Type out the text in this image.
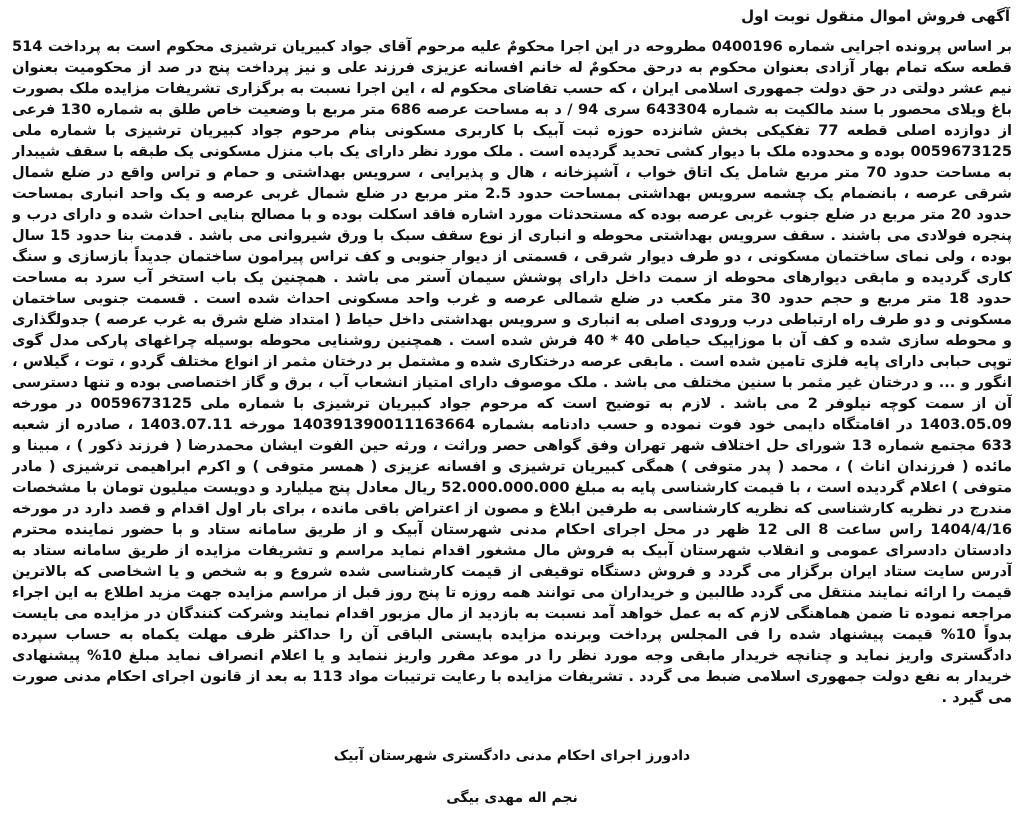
آگهی فروش اموال منقول نوبت اول

بر اساس پرونده اجرایی شماره 0400196 مطروحه در این اجرا محکومٌ علیه مرحوم آقای جواد کبیریان ترشیزی محکوم است به پرداخت 514 قطعه سکه تمام بهار آزادی بعنوان محکوم به درحق محکومٌ له خانم افسانه عزیزی فرزند علی و نیز پرداخت پنج در صد از محکومیت بعنوان نیم عشر دولتی در حق دولت جمهوری اسلامی ایران ، که حسب تقاضای محکوم له ، این اجرا نسبت به برگزاری تشریفات مزایده ملک بصورت باغ ویلای محصور با سند مالکیت به شماره 643304 سری 94 / د به مساحت عرصه 686 متر مربع با وضعیت خاص طلق به شماره 130 فرعی از دوازده اصلی قطعه 77 تفکیکی بخش شانزده حوزه ثبت آبیک با کاربری مسکونی بنام مرحوم جواد کبیریان ترشیزی با شماره ملی 0059673125 بوده و محدوده ملک با دیوار کشی تحدید گردیده است . ملک مورد نظر دارای یک باب منزل مسکونی یک طبقه با سقف شیبدار به مساحت حدود 70 متر مربع شامل یک اتاق خواب ، آشپزخانه ، هال و پذیرایی ، سرویس بهداشتی و حمام و تراس واقع در ضلع شمال شرقی عرصه ، بانضمام یک چشمه سرویس بهداشتی بمساحت حدود 2.5 متر مربع در ضلع شمال غربی عرصه و یک واحد انباری بمساحت حدود 20 متر مربع در ضلع جنوب غربی عرصه بوده که مستحدثات مورد اشاره فاقد اسکلت بوده و با مصالح بنایی احداث شده و دارای درب و پنجره فولادی می باشند . سقف سرویس بهداشتی محوطه و انباری از نوع سقف سبک با ورق شیروانی می باشد . قدمت بنا حدود 15 سال بوده ، ولی نمای ساختمان مسکونی ، دو طرف دیوار شرقی ، قسمتی از دیوار جنوبی و کف تراس پیرامون ساختمان جدیداً بازسازی و سنگ کاری گردیده و مابقی دیوارهای محوطه از سمت داخل دارای پوشش سیمان آستر می باشد . همچنین یک باب استخر آب سرد به مساحت حدود 18 متر مربع و حجم حدود 30 متر مکعب در ضلع شمالی عرصه و غرب واحد مسکونی احداث شده است . قسمت جنوبی ساختمان مسکونی و دو طرف راه ارتباطی درب ورودی اصلی به انباری و سرویس بهداشتی داخل حیاط ( امتداد ضلع شرق به غرب عرصه ) جدولگذاری و محوطه سازی شده و کف آن با موزاییک حیاطی 40 * 40 فرش شده است . همچنین روشنایی محوطه بوسیله چراغهای پارکی مدل گوی توپی حبابی دارای پایه فلزی تامین شده است . مابقی عرصه درختکاری شده و مشتمل بر درختان مثمر از انواع مختلف گردو ، توت ، گیلاس ، انگور و ... و درختان غیر مثمر با سنین مختلف می باشد . ملک موصوف دارای امتیاز انشعاب آب ، برق و گاز اختصاصی بوده و تنها دسترسی آن از سمت کوچه نیلوفر 2 می باشد . لازم به توضیح است که مرحوم جواد کبیریان ترشیزی با شماره ملی 0059673125 در مورخه 1403.05.09 در اقامتگاه دایمی خود فوت نموده و حسب دادنامه بشماره 140391390011163664 مورخه 1403.07.11 ، صادره از شعبه 633 مجتمع شماره 13 شورای حل اختلاف شهر تهران وفق گواهی حصر وراثت ، ورثه حین الفوت ایشان محمدرضا ( فرزند ذکور ) ، مبینا و مائده ( فرزندان اناث ) ، محمد ( پدر متوفی ) همگی کبیریان ترشیزی و افسانه عزیزی ( همسر متوفی ) و اکرم ابراهیمی ترشیزی ( مادر متوفی ) اعلام گردیده است ، با قیمت کارشناسی پایه به مبلغ 52.000.000.000 ریال معادل پنج میلیارد و دویست میلیون تومان با مشخصات مندرج در نظریه کارشناسی که نظریه کارشناسی به طرفین ابلاغ و مصون از اعتراض باقی مانده ، برای بار اول اقدام و قصد دارد در مورخه 1404/4/16 راس ساعت 8 الی 12 ظهر در محل اجرای احکام مدنی شهرستان آبیک و از طریق سامانه ستاد و با حضور نماینده محترم دادستان دادسرای عمومی و انقلاب شهرستان آبیک به فروش مال مشغور اقدام نماید مراسم و تشریفات مزایده از طریق سامانه ستاد به آدرس سایت ستاد ایران برگزار می گردد و فروش دستگاه توقیفی از قیمت کارشناسی شده شروع و به شخص و یا اشخاصی که بالاترین قیمت را ارائه نمایند منتقل می گردد طالبین و خریداران می توانند همه روزه تا پنج روز قبل از مراسم مزایده جهت مزید اطلاع به این اجراء مراجعه نموده تا ضمن هماهنگی لازم که به عمل خواهد آمد نسبت به بازدید از مال مزبور اقدام نمایند وشرکت کنندگان در مزایده می بایست بدواً 10% قیمت پیشنهاد شده را فی المجلس پرداخت وبرنده مزایده بایستی الباقی آن را حداکثر ظرف مهلت یکماه به حساب سپرده دادگستری واریز نماید و چنانچه خریدار مابقی وجه مورد نظر را در موعد مقرر واریز ننماید و یا اعلام انصراف نماید مبلغ 10% پیشنهادی خریدار به نفع دولت جمهوری اسلامی ضبط می گردد . تشریفات مزایده با رعایت ترتیبات مواد 113 به بعد از قانون اجرای احکام مدنی صورت می گیرد .

دادورز اجرای احکام مدنی دادگستری شهرستان آبیک
نجم اله مهدی بیگی
